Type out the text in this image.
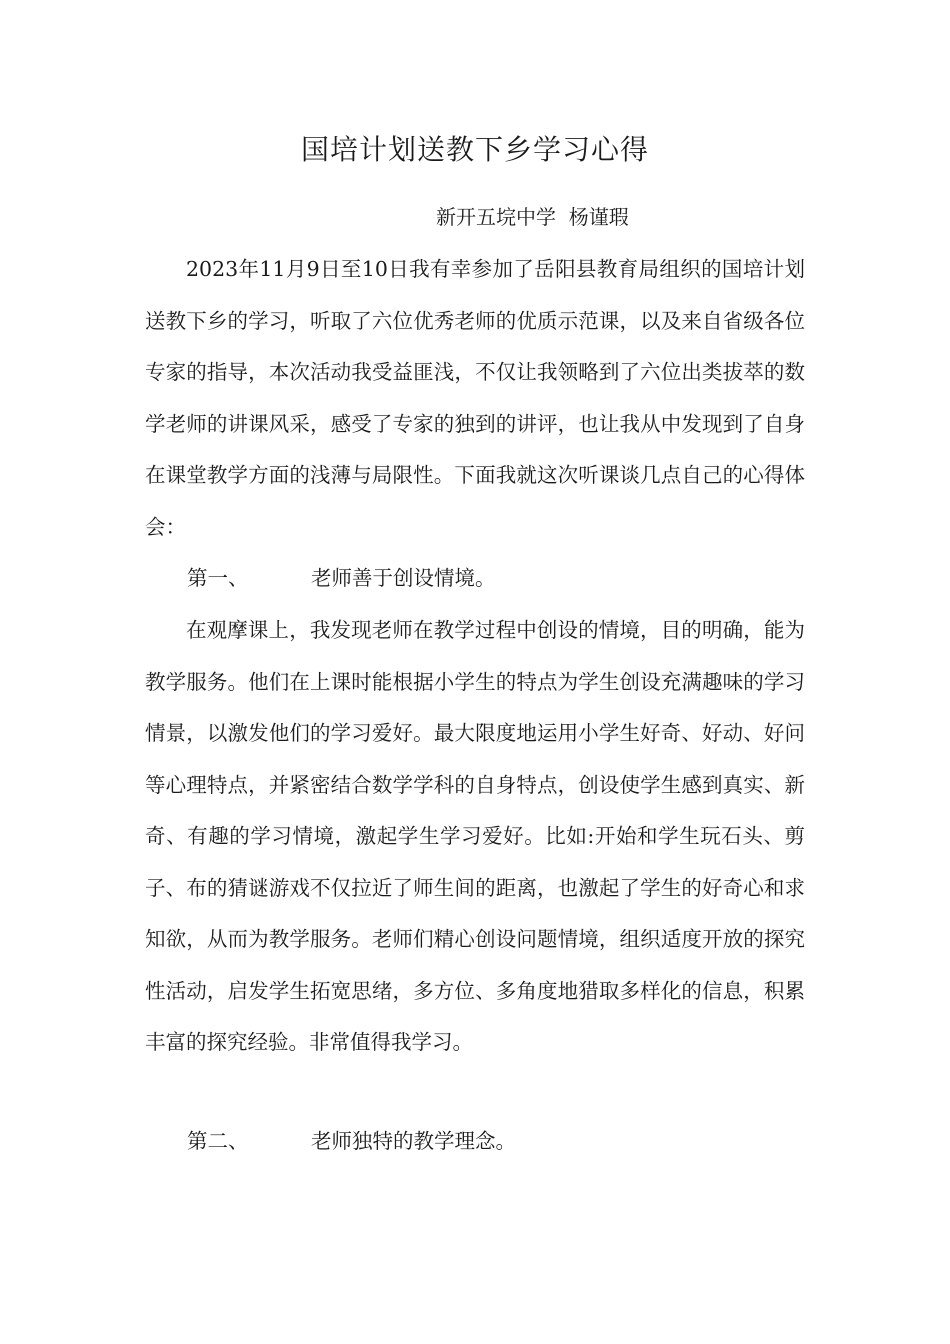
国培计划送教下乡学习心得
新开五垸中学  杨谨瑕

2023年11月9日至10日我有幸参加了岳阳县教育局组织的国培计划送教下乡的学习，听取了六位优秀老师的优质示范课，以及来自省级各位专家的指导，本次活动我受益匪浅，不仅让我领略到了六位出类拔萃的数学老师的讲课风采，感受了专家的独到的讲评，也让我从中发现到了自身在课堂教学方面的浅薄与局限性。下面我就这次听课谈几点自己的心得体会：

第一、	老师善于创设情境。

在观摩课上，我发现老师在教学过程中创设的情境，目的明确，能为教学服务。他们在上课时能根据小学生的特点为学生创设充满趣味的学习情景，以激发他们的学习爱好。最大限度地运用小学生好奇、好动、好问等心理特点，并紧密结合数学学科的自身特点，创设使学生感到真实、新奇、有趣的学习情境，激起学生学习爱好。比如:开始和学生玩石头、剪子、布的猜谜游戏不仅拉近了师生间的距离，也激起了学生的好奇心和求知欲，从而为教学服务。老师们精心创设问题情境，组织适度开放的探究性活动，启发学生拓宽思绪，多方位、多角度地猎取多样化的信息，积累丰富的探究经验。非常值得我学习。

第二、	老师独特的教学理念。
